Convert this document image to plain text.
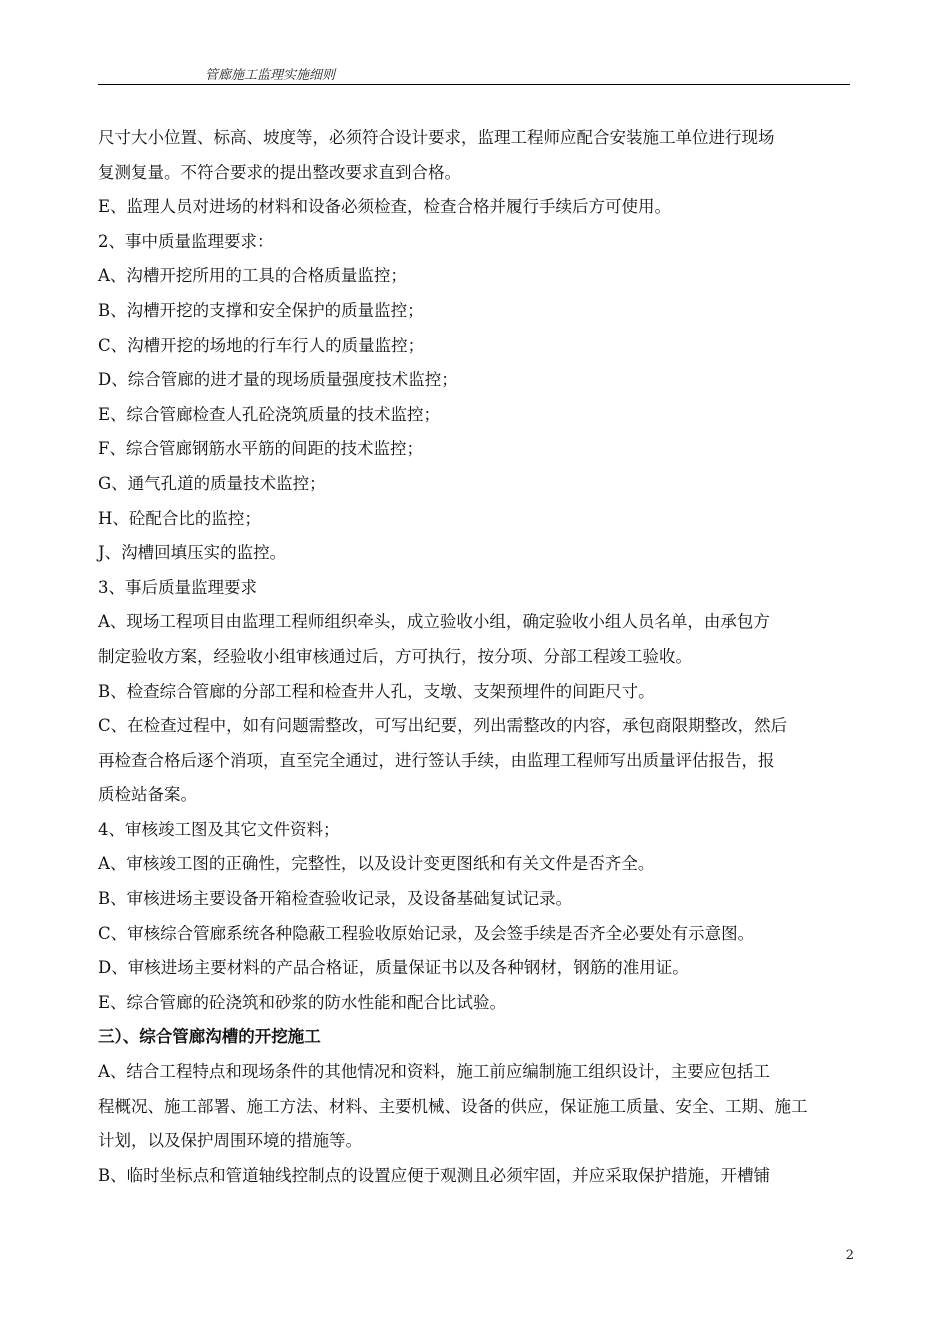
管廊施工监理实施细则
尺寸大小位置、标高、坡度等，必须符合设计要求，监理工程师应配合安装施工单位进行现场
复测复量。不符合要求的提出整改要求直到合格。
E、监理人员对进场的材料和设备必须检查，检查合格并履行手续后方可使用。
2、事中质量监理要求：
A、沟槽开挖所用的工具的合格质量监控；
B、沟槽开挖的支撑和安全保护的质量监控；
C、沟槽开挖的场地的行车行人的质量监控；
D、综合管廊的进才量的现场质量强度技术监控；
E、综合管廊检查人孔砼浇筑质量的技术监控；
F、综合管廊钢筋水平筋的间距的技术监控；
G、通气孔道的质量技术监控；
H、砼配合比的监控；
J、沟槽回填压实的监控。
3、事后质量监理要求
A、现场工程项目由监理工程师组织牵头，成立验收小组，确定验收小组人员名单，由承包方
制定验收方案，经验收小组审核通过后，方可执行，按分项、分部工程竣工验收。
B、检查综合管廊的分部工程和检查井人孔，支墩、支架预埋件的间距尺寸。
C、在检查过程中，如有问题需整改，可写出纪要，列出需整改的内容，承包商限期整改，然后
再检查合格后逐个消项，直至完全通过，进行签认手续，由监理工程师写出质量评估报告，报
质检站备案。
4、审核竣工图及其它文件资料；
A、审核竣工图的正确性，完整性，以及设计变更图纸和有关文件是否齐全。
B、审核进场主要设备开箱检查验收记录，及设备基础复试记录。
C、审核综合管廊系统各种隐蔽工程验收原始记录，及会签手续是否齐全必要处有示意图。
D、审核进场主要材料的产品合格证，质量保证书以及各种钢材，钢筋的准用证。
E、综合管廊的砼浇筑和砂浆的防水性能和配合比试验。
三）、综合管廊沟槽的开挖施工
A、结合工程特点和现场条件的其他情况和资料，施工前应编制施工组织设计，主要应包括工
程概况、施工部署、施工方法、材料、主要机械、设备的供应，保证施工质量、安全、工期、施工
计划，以及保护周围环境的措施等。
B、临时坐标点和管道轴线控制点的设置应便于观测且必须牢固，并应采取保护措施，开槽铺
2
